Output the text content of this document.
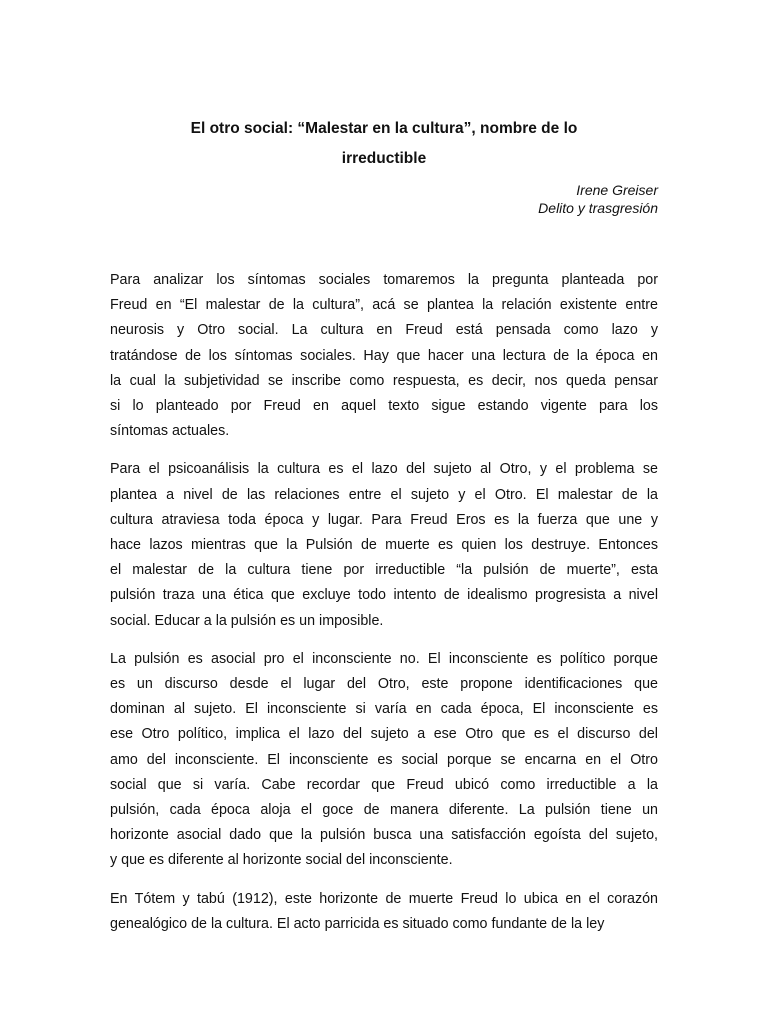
El otro social: “Malestar en la cultura”, nombre de lo
irreductible
Irene Greiser
Delito y trasgresión

Para analizar los síntomas sociales tomaremos la pregunta planteada por
Freud en “El malestar de la cultura”, acá se plantea la relación existente entre
neurosis y Otro social. La cultura en Freud está pensada como lazo y
tratándose de los síntomas sociales. Hay que hacer una lectura de la época en
la cual la subjetividad se inscribe como respuesta, es decir, nos queda pensar
si lo planteado por Freud en aquel texto sigue estando vigente para los
síntomas actuales.

Para el psicoanálisis la cultura es el lazo del sujeto al Otro, y el problema se
plantea a nivel de las relaciones entre el sujeto y el Otro. El malestar de la
cultura atraviesa toda época y lugar. Para Freud Eros es la fuerza que une y
hace lazos mientras que la Pulsión de muerte es quien los destruye. Entonces
el malestar de la cultura tiene por irreductible “la pulsión de muerte”, esta
pulsión traza una ética que excluye todo intento de idealismo progresista a nivel
social. Educar a la pulsión es un imposible.

La pulsión es asocial pro el inconsciente no. El inconsciente es político porque
es un discurso desde el lugar del Otro, este propone identificaciones que
dominan al sujeto. El inconsciente si varía en cada época, El inconsciente es
ese Otro político, implica el lazo del sujeto a ese Otro que es el discurso del
amo del inconsciente. El inconsciente es social porque se encarna en el Otro
social que si varía. Cabe recordar que Freud ubicó como irreductible a la
pulsión, cada época aloja el goce de manera diferente. La pulsión tiene un
horizonte asocial dado que la pulsión busca una satisfacción egoísta del sujeto,
y que es diferente al horizonte social del inconsciente.

En Tótem y tabú (1912), este horizonte de muerte Freud lo ubica en el corazón
genealógico de la cultura. El acto parricida es situado como fundante de la ley
